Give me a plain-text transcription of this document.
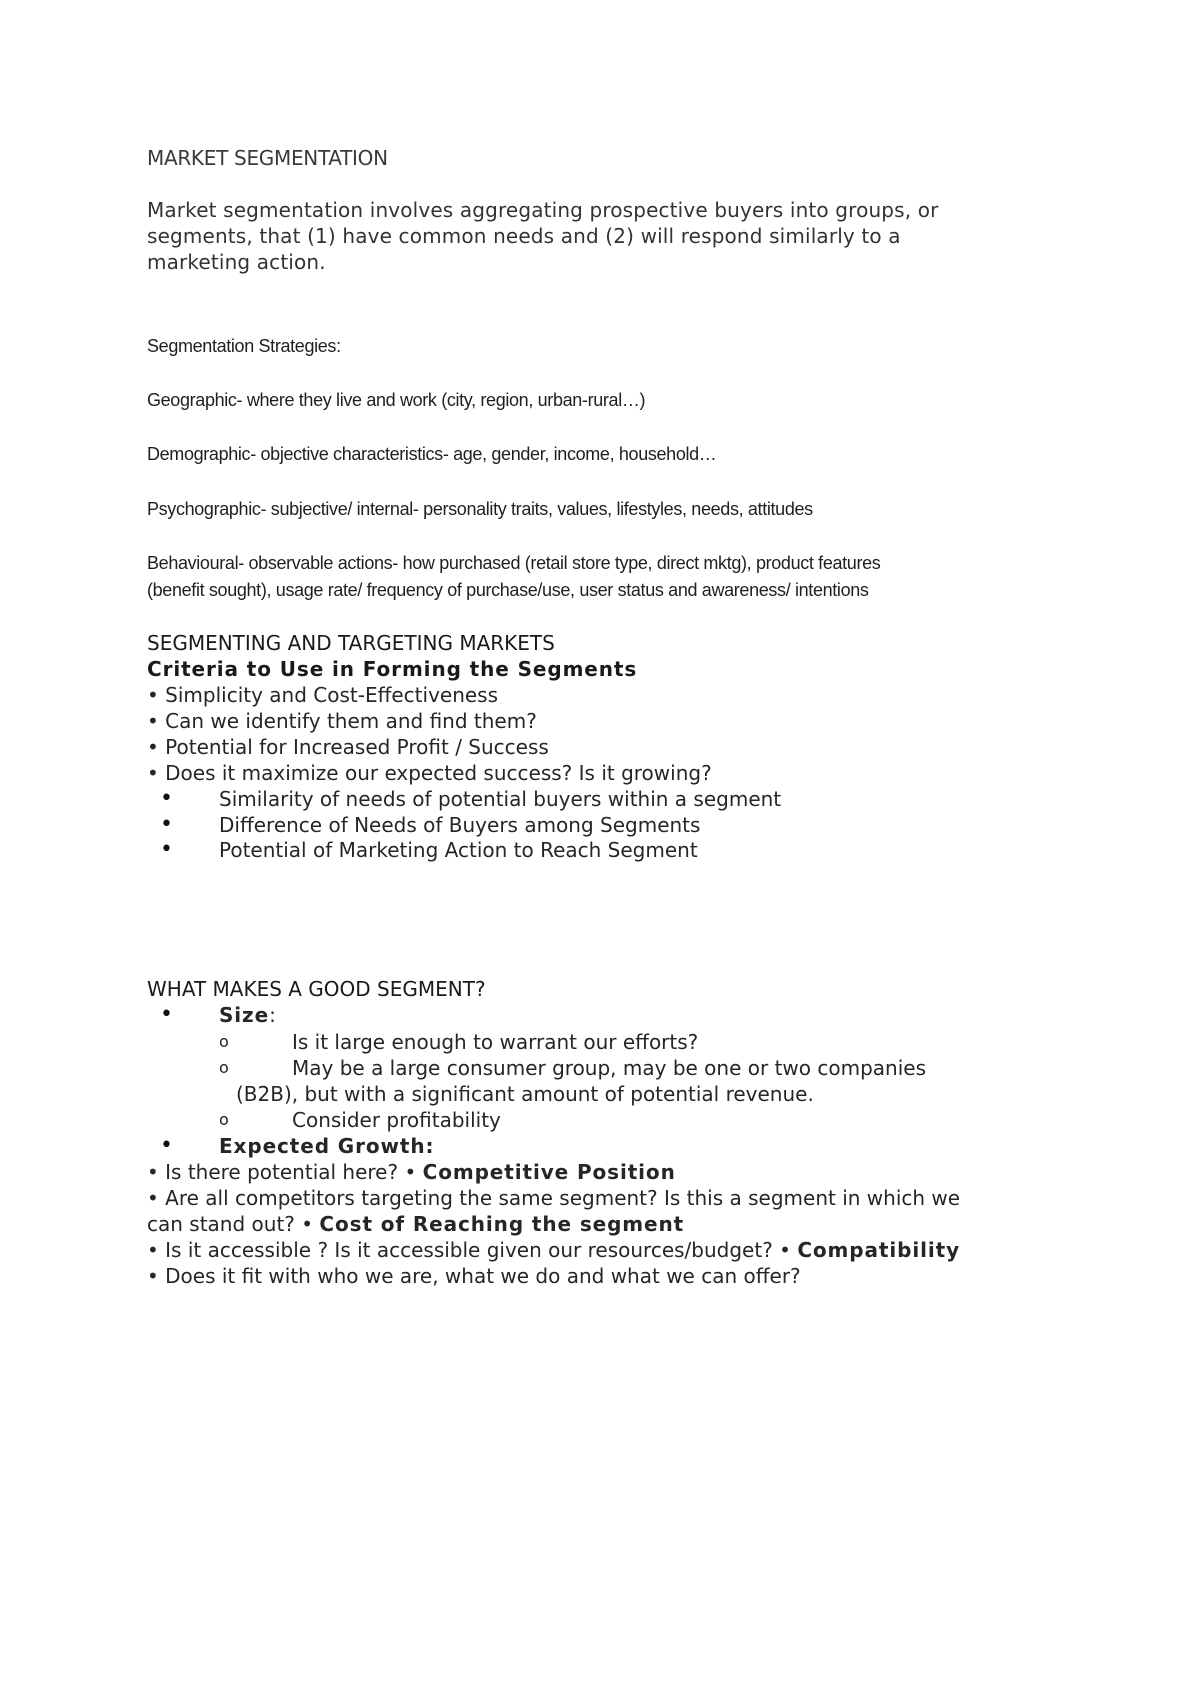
MARKET SEGMENTATION
Market segmentation involves aggregating prospective buyers into groups, or
segments, that (1) have common needs and (2) will respond similarly to a
marketing action.
Segmentation Strategies:
Geographic- where they live and work (city, region, urban-rural…)
Demographic- objective characteristics- age, gender, income, household…
Psychographic- subjective/ internal- personality traits, values, lifestyles, needs, attitudes
Behavioural- observable actions- how purchased (retail store type, direct mktg), product features
(benefit sought), usage rate/ frequency of purchase/use, user status and awareness/ intentions
SEGMENTING AND TARGETING MARKETS
Criteria to Use in Forming the Segments
• Simplicity and Cost-Effectiveness
• Can we identify them and find them?
• Potential for Increased Profit / Success
• Does it maximize our expected success? Is it growing?
• Similarity of needs of potential buyers within a segment
• Difference of Needs of Buyers among Segments
• Potential of Marketing Action to Reach Segment
WHAT MAKES A GOOD SEGMENT?
• Size:
o	Is it large enough to warrant our efforts?
o	May be a large consumer group, may be one or two companies
(B2B), but with a significant amount of potential revenue.
o	Consider profitability
• Expected Growth:
• Is there potential here? • Competitive Position
• Are all competitors targeting the same segment? Is this a segment in which we
can stand out? • Cost of Reaching the segment
• Is it accessible ? Is it accessible given our resources/budget? • Compatibility
• Does it fit with who we are, what we do and what we can offer?
